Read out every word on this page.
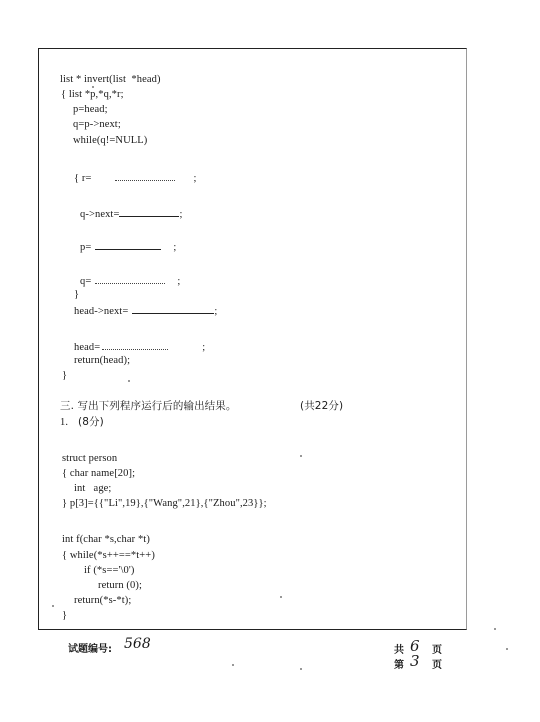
list * invert(list  *head)
{ list *p,*q,*r;
p=head;
q=p->next;
while(q!=NULL)
{ r=	;
q->next=	;
p=	;
q=	;
}
head->next=	;
head=	;
return(head);
}
三. 写出下列程序运行后的输出结果。	(共22分)
1. (8分)
struct person
{ char name[20];
int   age;
} p[3]={{"Li",19},{"Wang",21},{"Zhou",23}};
int f(char *s,char *t)
{ while(*s++==*t++)
if (*s=='\0')
return (0);
return(*s-*t);
}
试题编号: 568	共 6 页
第 3 页
